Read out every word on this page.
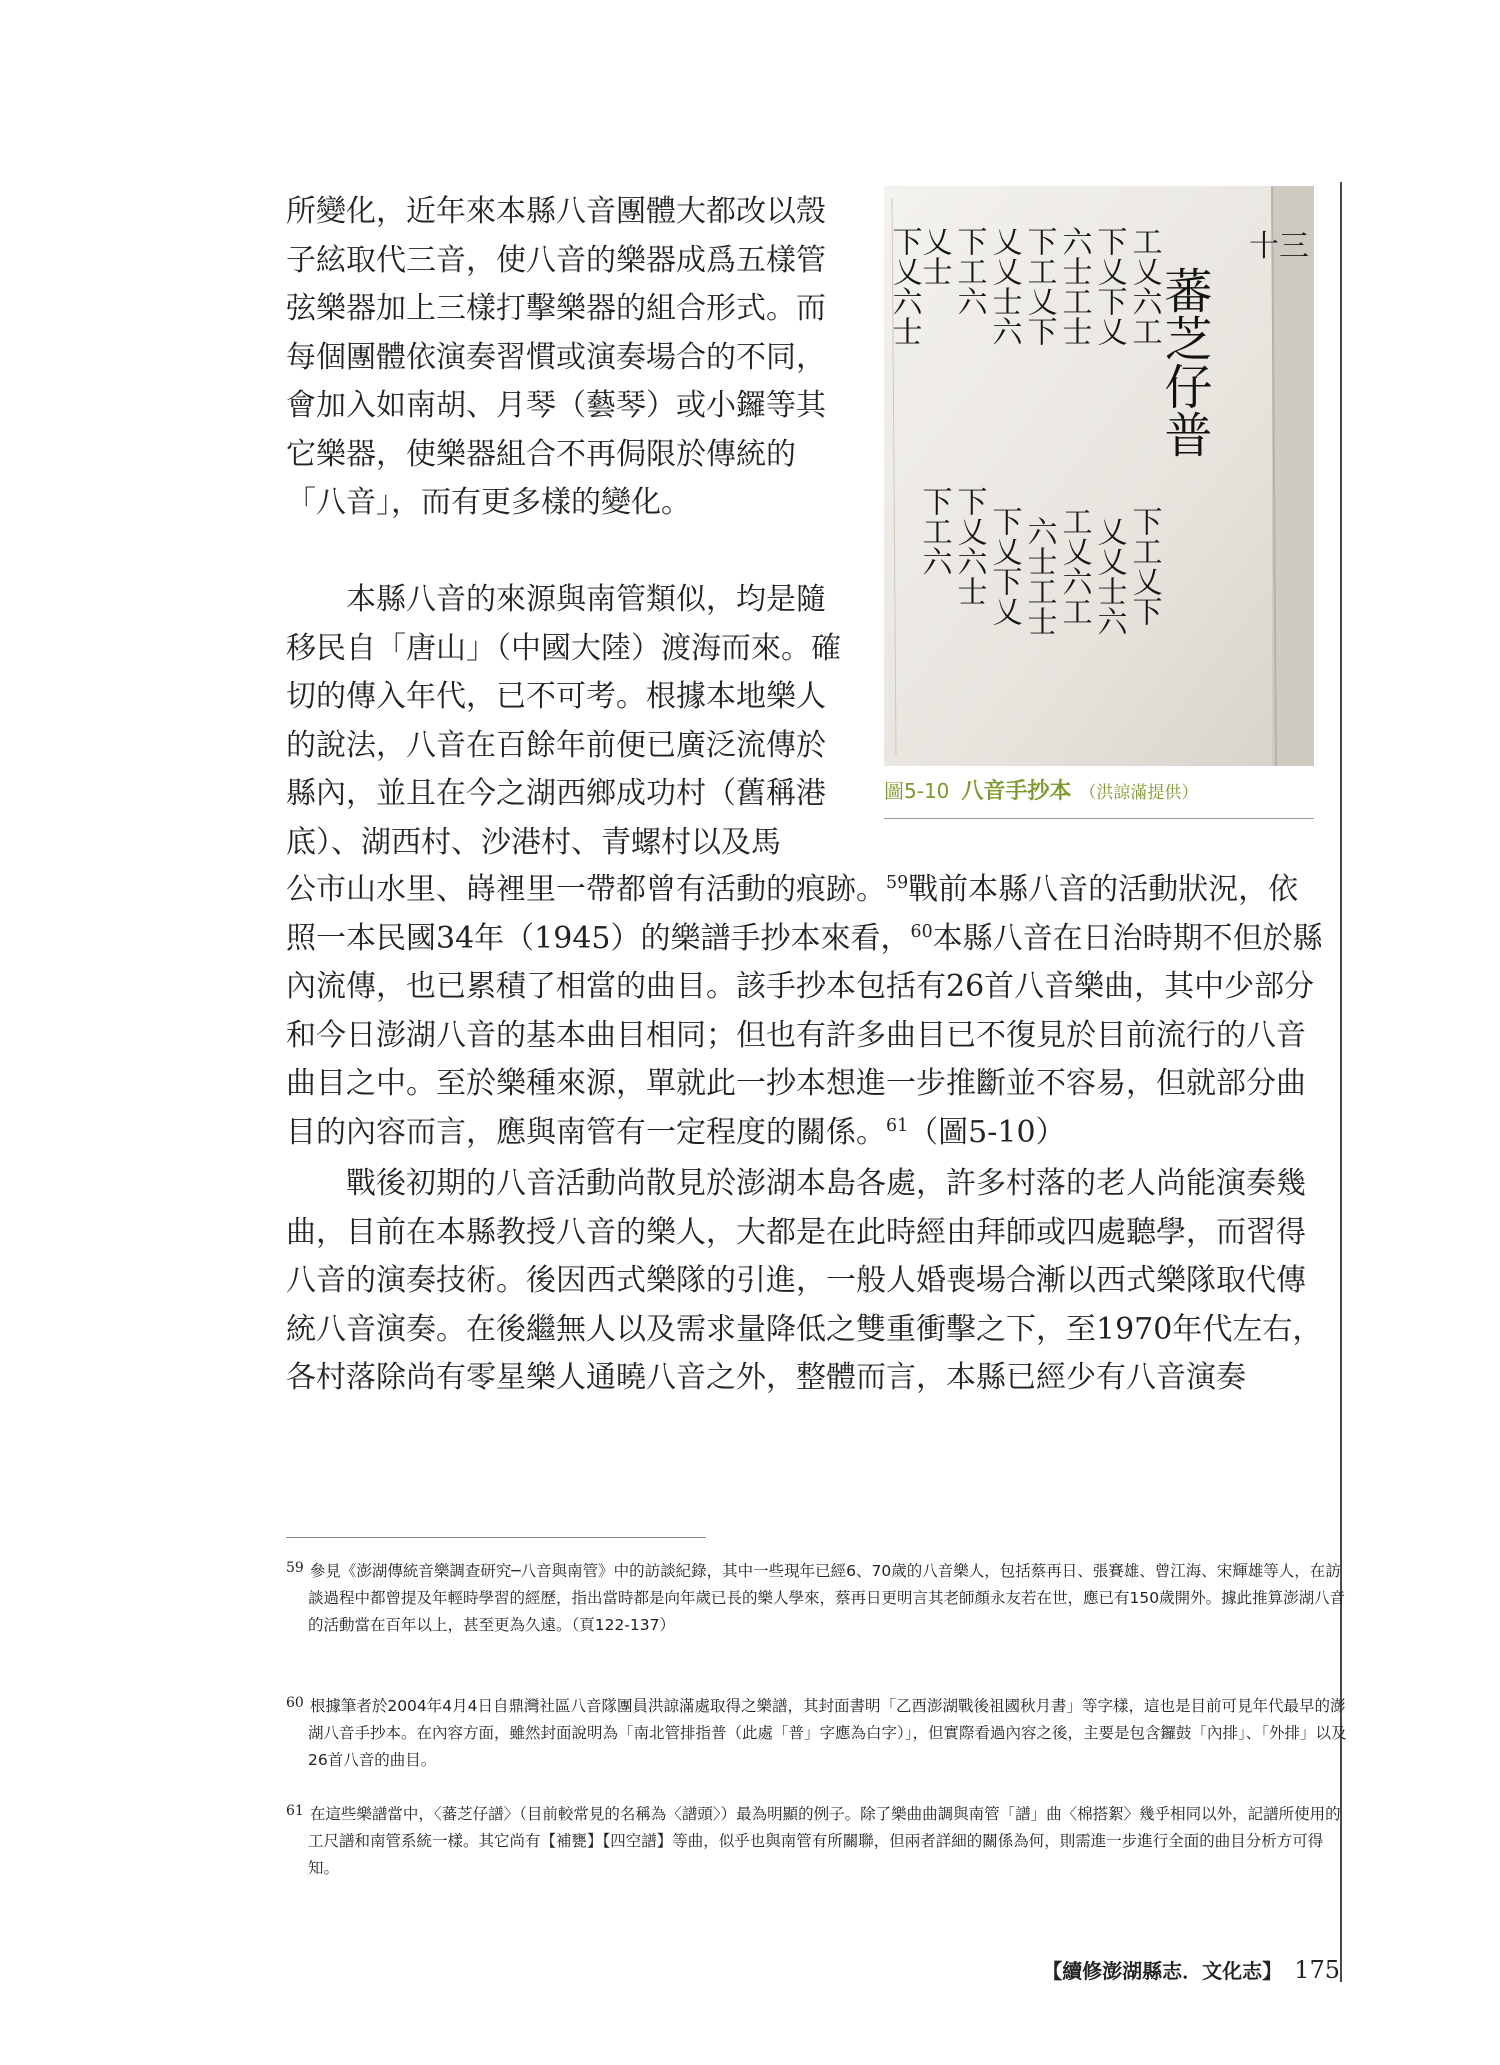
所變化，近年來本縣八音團體大都改以殼子絃取代三音，使八音的樂器成爲五樣管弦樂器加上三樣打擊樂器的組合形式。而每個團體依演奏習慣或演奏場合的不同，會加入如南胡、月琴（藝琴）或小鑼等其它樂器，使樂器組合不再侷限於傳統的「八音」，而有更多樣的變化。

本縣八音的來源與南管類似，均是隨移民自「唐山」（中國大陸）渡海而來。確切的傳入年代，已不可考。根據本地樂人的說法，八音在百餘年前便已廣泛流傳於縣內，並且在今之湖西鄉成功村（舊稱港底）、湖西村、沙港村、青螺村以及馬

公市山水里、嵵裡里一帶都曾有活動的痕跡。$^{59}$戰前本縣八音的活動狀況，依照一本民國34年（1945）的樂譜手抄本來看，$^{60}$本縣八音在日治時期不但於縣內流傳，也已累積了相當的曲目。該手抄本包括有26首八音樂曲，其中少部分和今日澎湖八音的基本曲目相同；但也有許多曲目已不復見於目前流行的八音曲目之中。至於樂種來源，單就此一抄本想進一步推斷並不容易，但就部分曲目的內容而言，應與南管有一定程度的關係。$^{61}$（圖5-10）

戰後初期的八音活動尚散見於澎湖本島各處，許多村落的老人尚能演奏幾曲，目前在本縣教授八音的樂人，大都是在此時經由拜師或四處聽學，而習得八音的演奏技術。後因西式樂隊的引進，一般人婚喪場合漸以西式樂隊取代傳統八音演奏。在後繼無人以及需求量降低之雙重衝擊之下，至1970年代左右，各村落除尚有零星樂人通曉八音之外，整體而言，本縣已經少有八音演奏

十三
蕃芝仔普
工乂六工
下乂下乂
六士工士
下工乂下
乂乂士六
下工六
乂士
下乂六士
下工乂下
乂乂士六
工乂六工
六士工士
下乂下乂
下乂六士
下工六
圖5-10 八音手抄本 （洪諒滿提供）

$^{59}$ 參見《澎湖傳統音樂調查研究─八音與南管》中的訪談紀錄，其中一些現年已經6、70歲的八音樂人，包括蔡再日、張賽雄、曾江海、宋輝雄等人，在訪談過程中都曾提及年輕時學習的經歷，指出當時都是向年歲已長的樂人學來，蔡再日更明言其老師顏永友若在世，應已有150歲開外。據此推算澎湖八音的活動當在百年以上，甚至更為久遠。（頁122-137）

$^{60}$ 根據筆者於2004年4月4日自鼎灣社區八音隊團員洪諒滿處取得之樂譜，其封面書明「乙酉澎湖戰後祖國秋月書」等字樣，這也是目前可見年代最早的澎湖八音手抄本。在內容方面，雖然封面說明為「南北管排指普（此處「普」字應為白字）」，但實際看過內容之後，主要是包含鑼鼓「內排」、「外排」以及26首八音的曲目。

$^{61}$ 在這些樂譜當中，〈蕃芝仔譜〉（目前較常見的名稱為〈譜頭〉）最為明顯的例子。除了樂曲曲調與南管「譜」曲〈棉搭絮〉幾乎相同以外，記譜所使用的工尺譜和南管系統一樣。其它尚有【補甕】【四空譜】等曲，似乎也與南管有所關聯，但兩者詳細的關係為何，則需進一步進行全面的曲目分析方可得知。

【續修澎湖縣志．文化志】 175
